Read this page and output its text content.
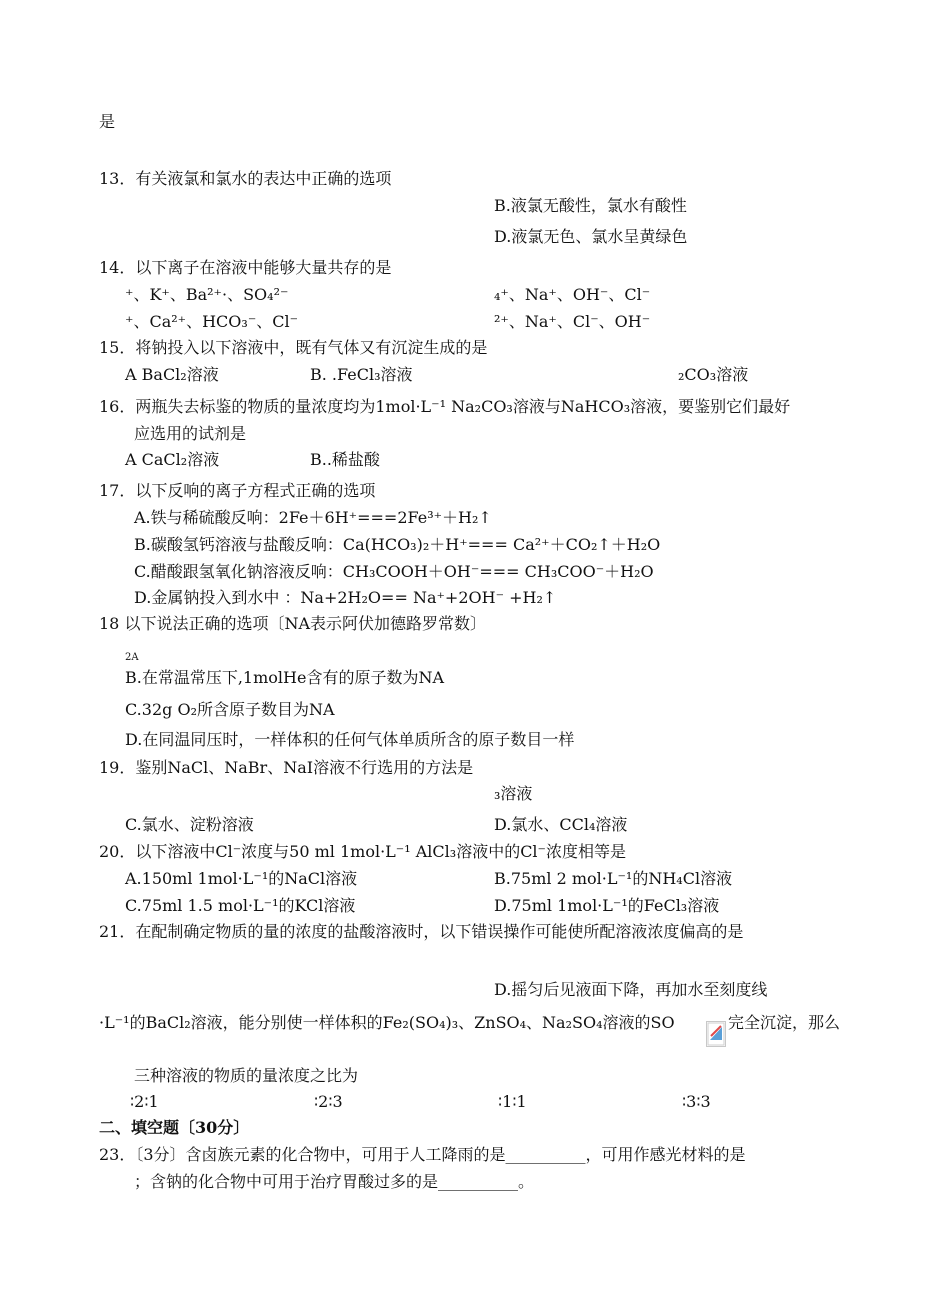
是
13．有关液氯和氯水的表达中正确的选项
B.液氯无酸性，氯水有酸性
D.液氯无色、氯水呈黄绿色
14．以下离子在溶液中能够大量共存的是
⁺、K⁺、Ba²⁺·、SO₄²⁻	₄⁺、Na⁺、OH⁻、Cl⁻
⁺、Ca²⁺、HCO₃⁻、Cl⁻	²⁺、Na⁺、Cl⁻、OH⁻
15．将钠投入以下溶液中，既有气体又有沉淀生成的是
A BaCl₂溶液	B. .FeCl₃溶液	₂CO₃溶液
16．两瓶失去标鉴的物质的量浓度均为1mol·L⁻¹ Na₂CO₃溶液与NaHCO₃溶液，要鉴别它们最好
应选用的试剂是
A CaCl₂溶液	B..稀盐酸
17．以下反响的离子方程式正确的选项
A.铁与稀硫酸反响：2Fe＋6H⁺===2Fe³⁺＋H₂↑
B.碳酸氢钙溶液与盐酸反响：Ca(HCO₃)₂＋H⁺=== Ca²⁺＋CO₂↑＋H₂O
C.醋酸跟氢氧化钠溶液反响：CH₃COOH＋OH⁻=== CH₃COO⁻＋H₂O
D.金属钠投入到水中 ：Na+2H₂O== Na⁺+2OH⁻ +H₂↑
18 以下说法正确的选项〔NA表示阿伏加德路罗常数〕
2A
B.在常温常压下,1molHe含有的原子数为NA
C.32g O₂所含原子数目为NA
D.在同温同压时，一样体积的任何气体单质所含的原子数目一样
19．鉴别NaCl、NaBr、NaI溶液不行选用的方法是
₃溶液
C.氯水、淀粉溶液	D.氯水、CCl₄溶液
20．以下溶液中Cl⁻浓度与50 ml 1mol·L⁻¹ AlCl₃溶液中的Cl⁻浓度相等是
A.150ml 1mol·L⁻¹的NaCl溶液	B.75ml 2 mol·L⁻¹的NH₄Cl溶液
C.75ml 1.5 mol·L⁻¹的KCl溶液	D.75ml 1mol·L⁻¹的FeCl₃溶液
21．在配制确定物质的量的浓度的盐酸溶液时，以下错误操作可能使所配溶液浓度偏高的是
D.摇匀后见液面下降，再加水至刻度线
·L⁻¹的BaCl₂溶液，能分别使一样体积的Fe₂(SO₄)₃、ZnSO₄、Na₂SO₄溶液的SO	完全沉淀，那么
三种溶液的物质的量浓度之比为
∶2∶1	∶2∶3	∶1∶1	∶3∶3
二、填空题〔30分〕
23．〔3分〕含卤族元素的化合物中，可用于人工降雨的是__________，可用作感光材料的是
；含钠的化合物中可用于治疗胃酸过多的是__________。
